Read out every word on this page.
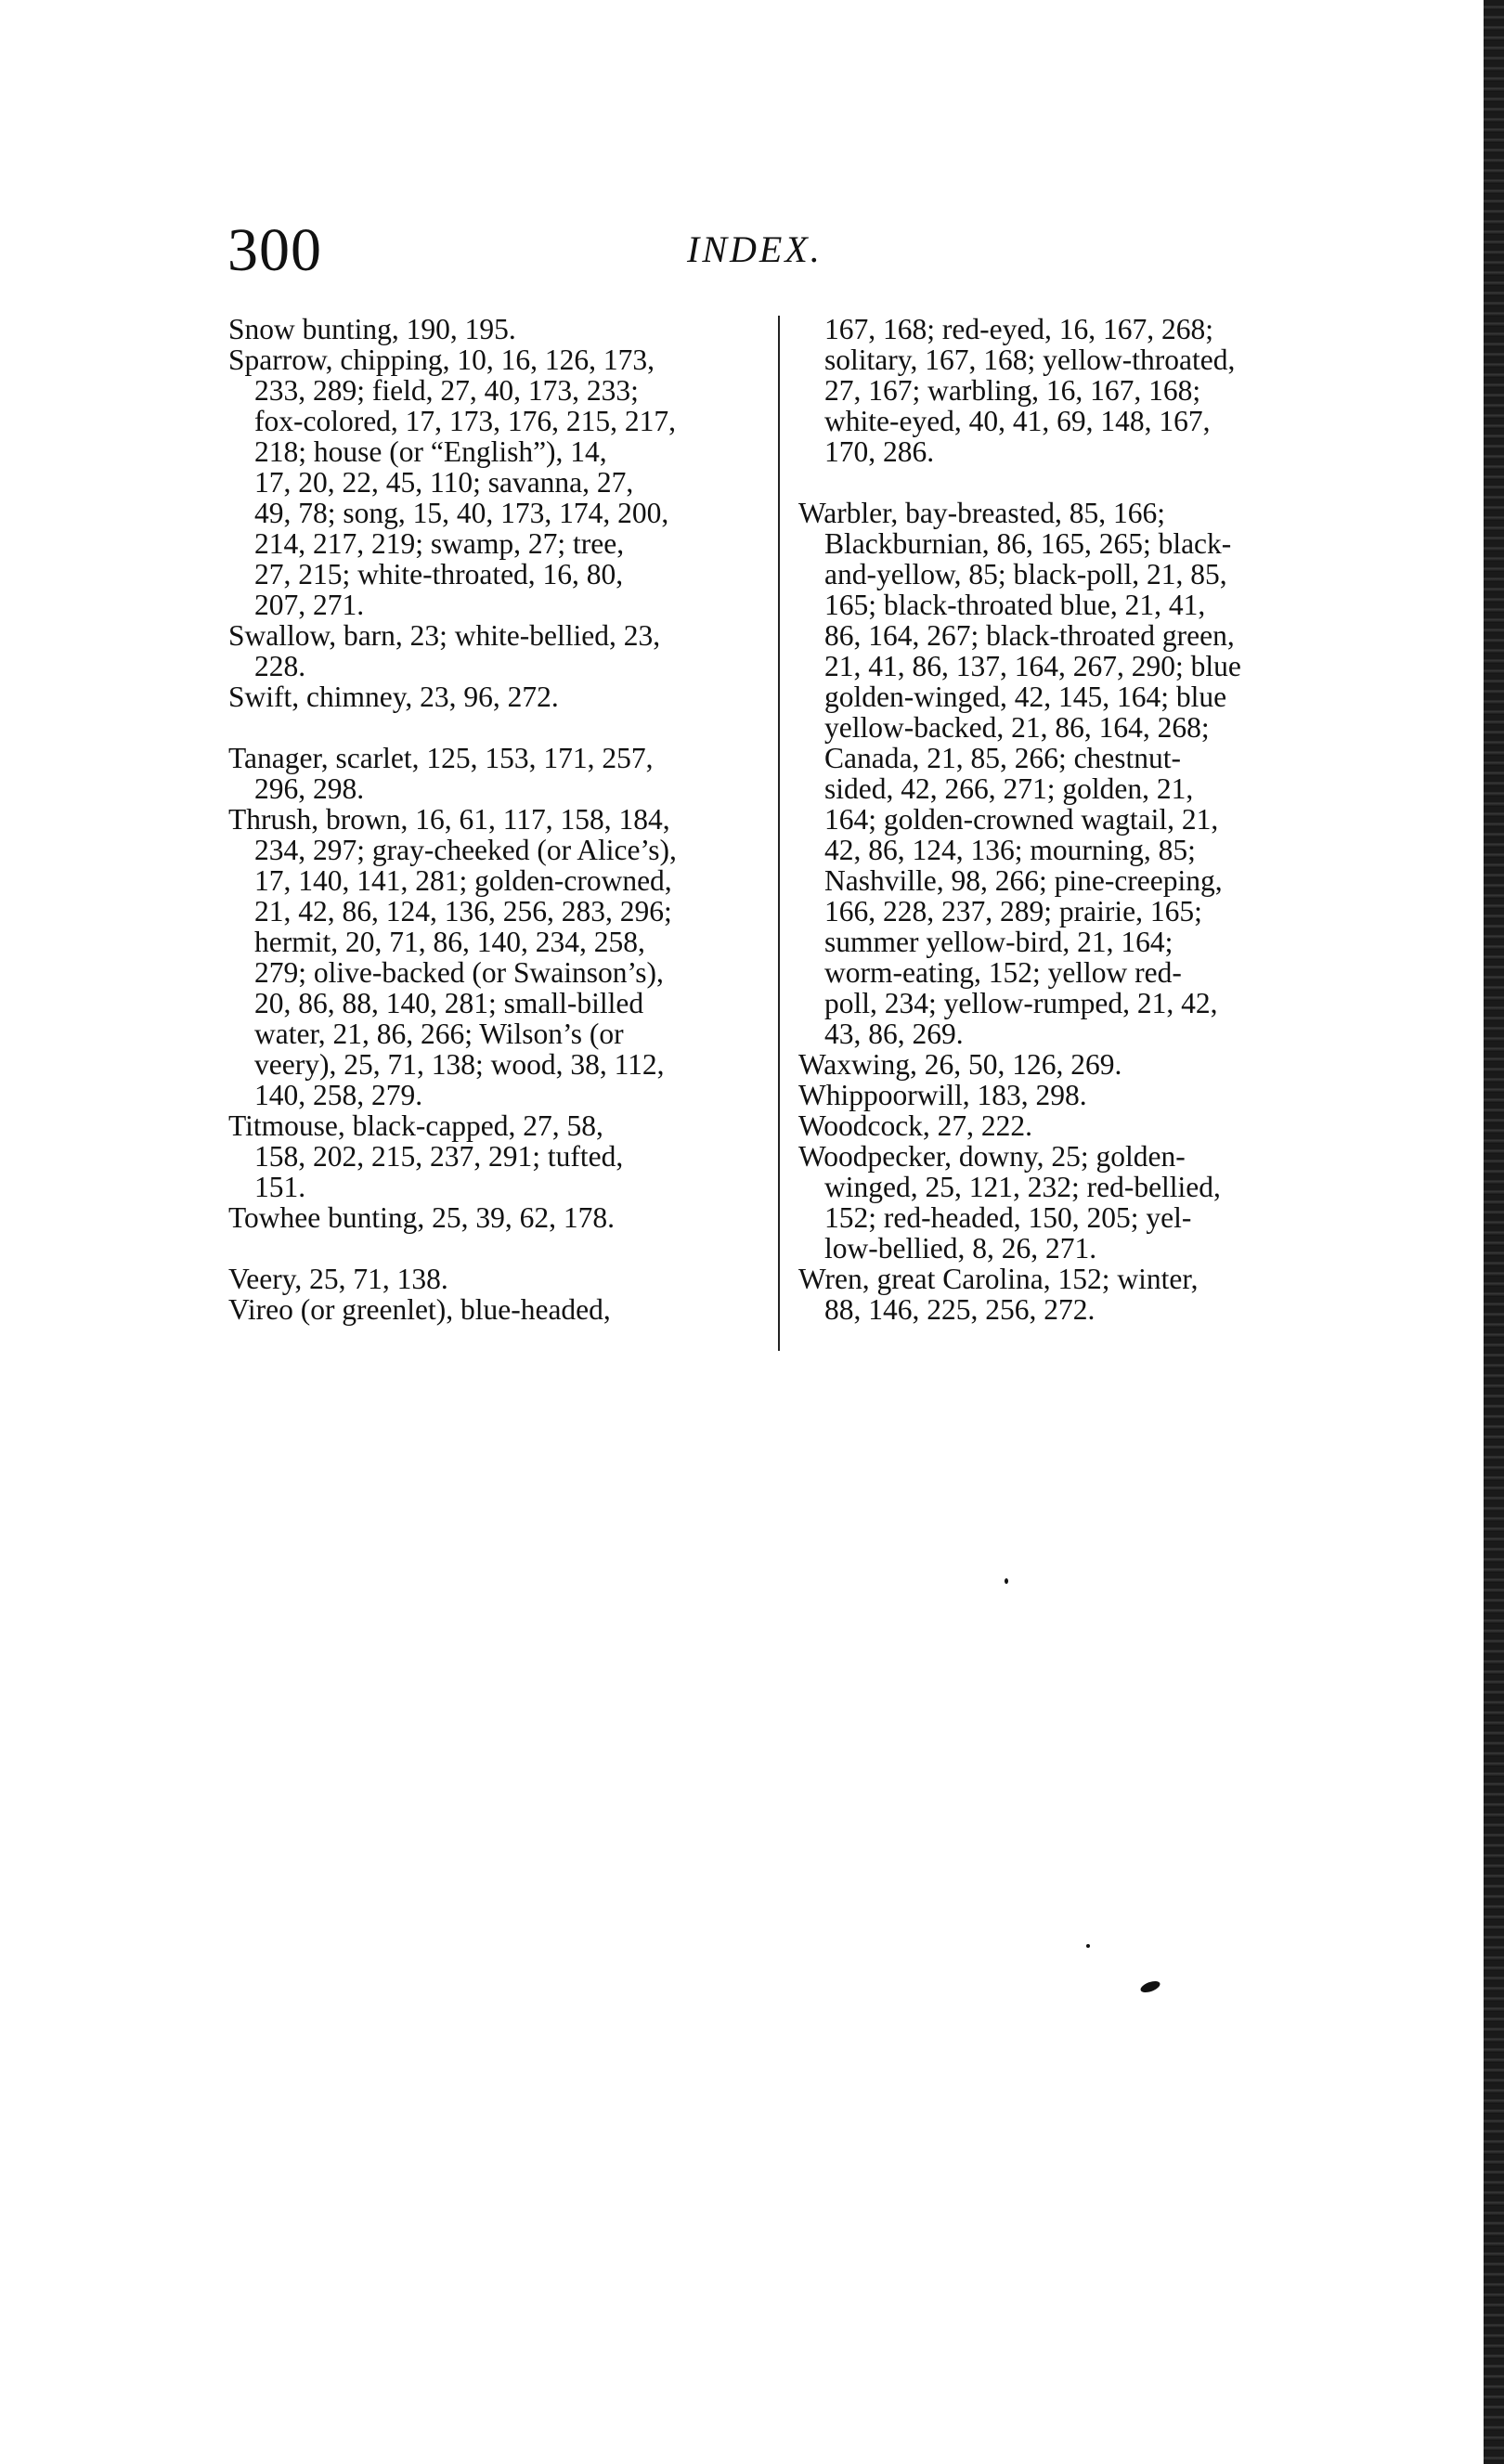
300	INDEX.
Snow bunting, 190, 195.
Sparrow, chipping, 10, 16, 126, 173,
233, 289; field, 27, 40, 173, 233;
fox-colored, 17, 173, 176, 215, 217,
218; house (or “English”), 14,
17, 20, 22, 45, 110; savanna, 27,
49, 78; song, 15, 40, 173, 174, 200,
214, 217, 219; swamp, 27; tree,
27, 215; white-throated, 16, 80,
207, 271.
Swallow, barn, 23; white-bellied, 23,
228.
Swift, chimney, 23, 96, 272.
Tanager, scarlet, 125, 153, 171, 257,
296, 298.
Thrush, brown, 16, 61, 117, 158, 184,
234, 297; gray-cheeked (or Alice’s),
17, 140, 141, 281; golden-crowned,
21, 42, 86, 124, 136, 256, 283, 296;
hermit, 20, 71, 86, 140, 234, 258,
279; olive-backed (or Swainson’s),
20, 86, 88, 140, 281; small-billed
water, 21, 86, 266; Wilson’s (or
veery), 25, 71, 138; wood, 38, 112,
140, 258, 279.
Titmouse, black-capped, 27, 58,
158, 202, 215, 237, 291; tufted,
151.
Towhee bunting, 25, 39, 62, 178.
Veery, 25, 71, 138.
Vireo (or greenlet), blue-headed,
167, 168; red-eyed, 16, 167, 268;
solitary, 167, 168; yellow-throated,
27, 167; warbling, 16, 167, 168;
white-eyed, 40, 41, 69, 148, 167,
170, 286.
Warbler, bay-breasted, 85, 166;
Blackburnian, 86, 165, 265; black-
and-yellow, 85; black-poll, 21, 85,
165; black-throated blue, 21, 41,
86, 164, 267; black-throated green,
21, 41, 86, 137, 164, 267, 290; blue
golden-winged, 42, 145, 164; blue
yellow-backed, 21, 86, 164, 268;
Canada, 21, 85, 266; chestnut-
sided, 42, 266, 271; golden, 21,
164; golden-crowned wagtail, 21,
42, 86, 124, 136; mourning, 85;
Nashville, 98, 266; pine-creeping,
166, 228, 237, 289; prairie, 165;
summer yellow-bird, 21, 164;
worm-eating, 152; yellow red-
poll, 234; yellow-rumped, 21, 42,
43, 86, 269.
Waxwing, 26, 50, 126, 269.
Whippoorwill, 183, 298.
Woodcock, 27, 222.
Woodpecker, downy, 25; golden-
winged, 25, 121, 232; red-bellied,
152; red-headed, 150, 205; yel-
low-bellied, 8, 26, 271.
Wren, great Carolina, 152; winter,
88, 146, 225, 256, 272.
